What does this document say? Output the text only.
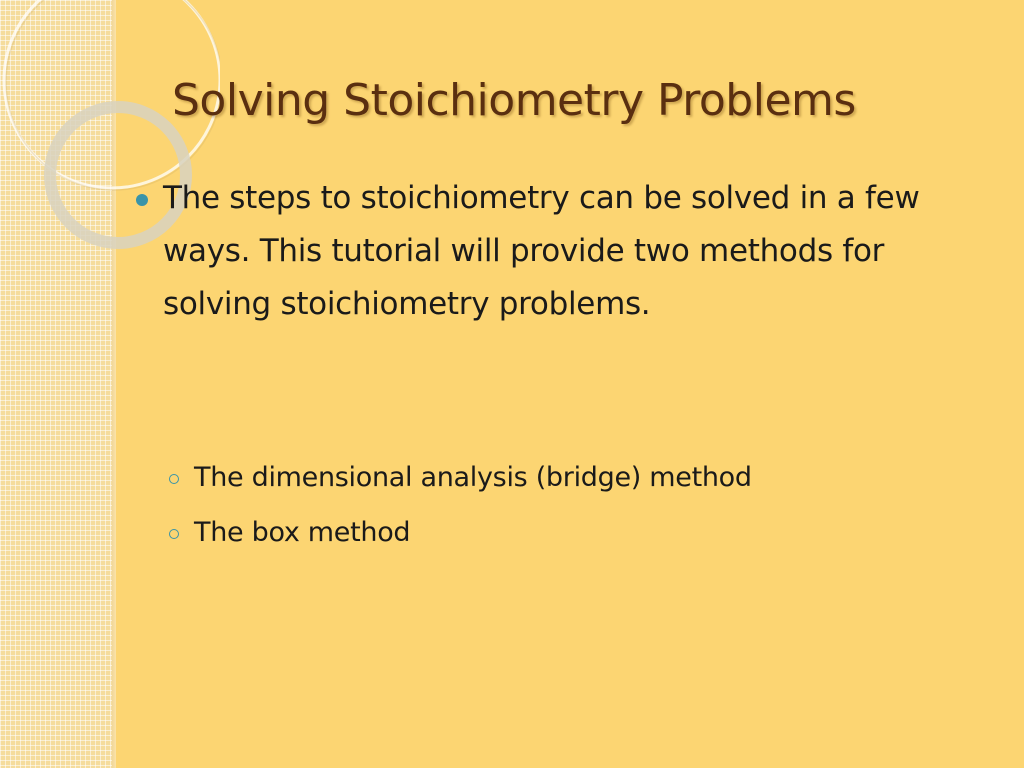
Solving Stoichiometry Problems
The steps to stoichiometry can be solved in a few ways. This tutorial will provide two methods for solving stoichiometry problems.
The dimensional analysis (bridge) method
The box method
